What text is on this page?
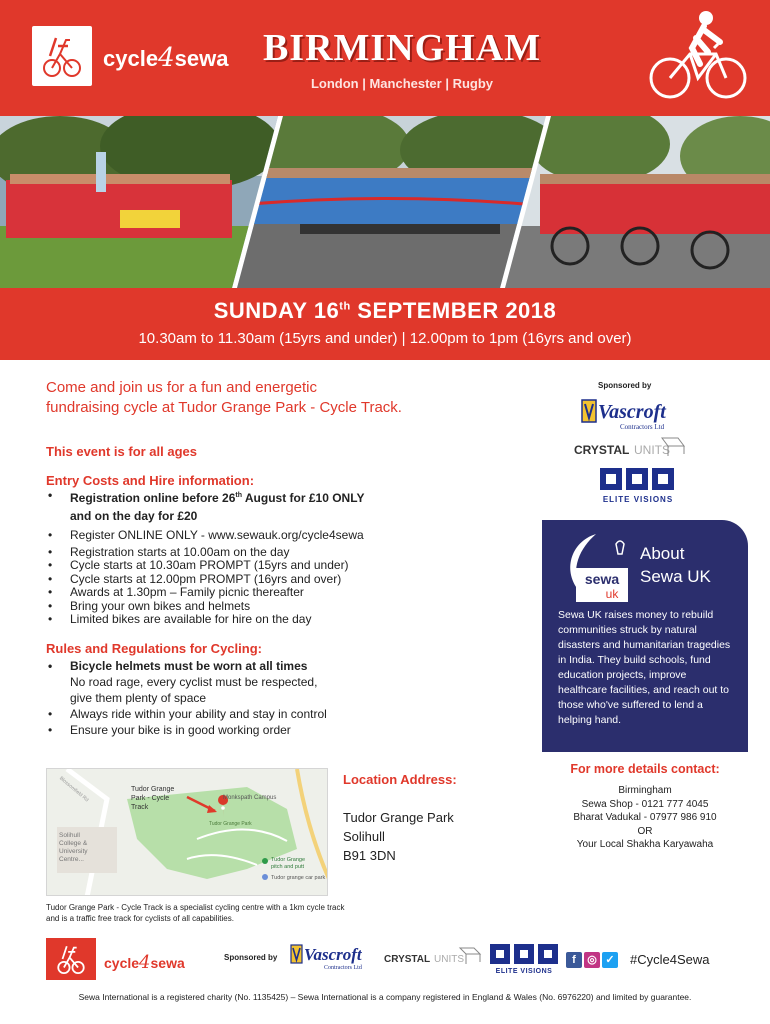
cycle4sewa BIRMINGHAM
London | Manchester | Rugby
SUNDAY 16th SEPTEMBER 2018
10.30am to 11.30am (15yrs and under) | 12.00pm to 1pm (16yrs and over)
Come and join us for a fun and energetic
fundraising cycle at Tudor Grange Park - Cycle Track.
This event is for all ages
Entry Costs and Hire information:
• Registration online before 26th August for £10 ONLY
and on the day for £20
• Register ONLINE ONLY - www.sewauk.org/cycle4sewa
• Registration starts at 10.00am on the day
• Cycle starts at 10.30am PROMPT (15yrs and under)
• Cycle starts at 12.00pm PROMPT (16yrs and over)
• Awards at 1.30pm – Family picnic thereafter
• Bring your own bikes and helmets
• Limited bikes are available for hire on the day
Rules and Regulations for Cycling:
• Bicycle helmets must be worn at all times
No road rage, every cyclist must be respected,
give them plenty of space
• Always ride within your ability and stay in control
• Ensure your bike is in good working order
Sponsored by
Vascroft
Contractors Ltd
CRYSTAL UNITS
ELITE VISIONS
sewa
uk
About
Sewa UK
Sewa UK raises money to rebuild communities struck by natural disasters and humanitarian tragedies in India. They build schools, fund education projects, improve healthcare facilities, and reach out to those who've suffered to lend a helping hand.
For more details contact:
Birmingham
Sewa Shop - 0121 777 4045
Bharat Vadukal - 07977 986 910
OR
Your Local Shakha Karyawaha
Tudor Grange Park - Cycle Track
Tudor Grange Park
Monkspath Campus
Solihull College & University Centre...	Tudor Grange pitch and putt
Tudor grange car park
Blossomfield Rd
Tudor Grange Park - Cycle Track is a specialist cycling centre with a 1km cycle track and is a traffic free track for cyclists of all capabilities.
Location Address:
Tudor Grange Park
Solihull
B91 3DN
cycle4sewa	Sponsored by Vascroft
Contractors Ltd
CRYSTAL UNITS
ELITE VISIONS
f	◎ ✓ #Cycle4Sewa
Sewa International is a registered charity (No. 1135425) – Sewa International is a company registered in England & Wales (No. 6976220) and limited by guarantee.
